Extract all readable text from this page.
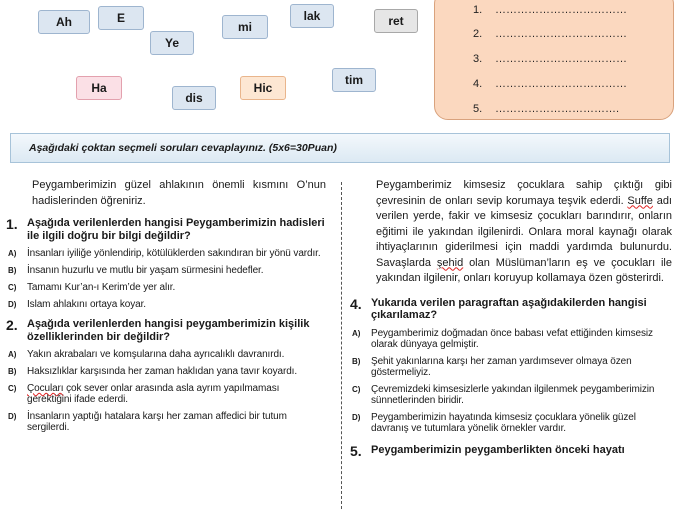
Ah	E
Ye
mi
lak	ret
Ha
dis
Hic
tim
1. ………………………………
2. ………………………………
3. ………………………………
4. ………………………………
5. …………………………….
Aşağıdaki çoktan seçmeli soruları cevaplayınız. (5x6=30Puan)

Peygamberimizin güzel ahlakının önemli kısmını O’nun hadislerinden öğreniriz.

1. Aşağıda verilenlerden hangisi Peygamberimizin hadisleri ile ilgili doğru bir bilgi değildir?
A)	İnsanları iyiliğe yönlendirip, kötülüklerden sakındıran bir yönü vardır.
B)	İnsanın huzurlu ve mutlu bir yaşam sürmesini hedefler.
C)	Tamamı Kur’an-ı Kerim’de yer alır.
D)	Islam ahlakını ortaya koyar.
2. Aşağıda verilenlerden hangisi peygamberimizin kişilik özelliklerinden bir değildir?
A)	Yakın akrabaları ve komşularına daha ayrıcalıklı davranırdı.
B)	Haksızlıklar karşısında her zaman haklıdan yana tavır koyardı.
C)	Çocuları çok sever onlar arasında asla ayrım yapılmaması gerektiğini ifade ederdi.
D)	İnsanların yaptığı hatalara karşı her zaman affedici bir tutum sergilerdi.

Peygamberimiz kimsesiz çocuklara sahip çıktığı gibi çevresinin de onları sevip korumaya teşvik ederdi. Suffe adı verilen yerde, fakir ve kimsesiz çocukları barındırır, onların eğitimi ile yakından ilgilenirdi. Onlara moral kaynağı olarak ihtiyaçlarının giderilmesi için maddi yardımda bulunurdu. Savaşlarda şehid olan Müslüman’ların eş ve çocukları ile yakından ilgilenir, onları koruyup kollamaya özen gösterirdi.

4. Yukarıda verilen paragraftan aşağıdakilerden hangisi çıkarılamaz?
A)	Peygamberimiz doğmadan önce babası vefat ettiğinden kimsesiz olarak dünyaya gelmiştir.
B)	Şehit yakınlarına karşı her zaman yardımsever olmaya özen göstermeliyiz.
C)	Çevremizdeki kimsesizlerle yakından ilgilenmek peygamberimizin sünnetlerinden biridir.
D)	Peygamberimizin hayatında kimsesiz çocuklara yönelik güzel davranış ve tutumlara yönelik örnekler vardır.
5. Peygamberimizin peygamberlikten önceki hayatı
